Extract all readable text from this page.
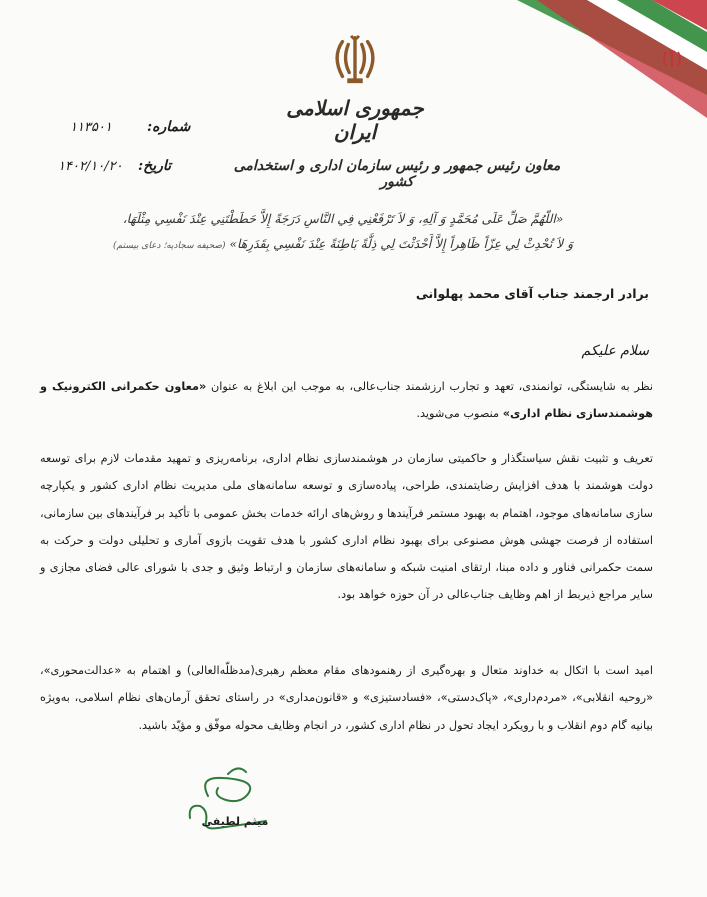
جمهوری اسلامی ایران
معاون رئیس جمهور و رئیس سازمان اداری و استخدامی کشور
شماره:
۱۱۳۵۰۱
تاریخ:
۱۴۰۲/۱۰/۲۰
«اللّهُمَّ صَلِّ عَلَى مُحَمَّدٍ وَ آلِهِ، وَ لاَ تَرْفَعْنِي فِي النَّاسِ دَرَجَةً إِلاَّ حَطَطْتَنِي عِنْدَ نَفْسِي مِثْلَهَا،
وَ لاَ تُحْدِثْ لِي عِزّاً ظَاهِراً إِلاَّ أَحْدَثْتَ لِي ذِلَّةً بَاطِنَةً عِنْدَ نَفْسِي بِقَدَرِهَا» (صحیفه سجادیه؛ دعای بیستم)
برادر ارجمند جناب آقای محمد پهلوانی
سلام علیکم
نظر به شایستگی، توانمندی، تعهد و تجارب ارزشمند جناب‌عالی، به موجب این ابلاغ به عنوان «معاون حکمرانی الکترونیک و هوشمندسازی نظام اداری» منصوب می‌شوید.
تعریف و تثبیت نقش سیاستگذار و حاکمیتی سازمان در هوشمندسازی نظام اداری، برنامه‌ریزی و تمهید مقدمات لازم برای توسعه دولت هوشمند با هدف افزایش رضایتمندی، طراحی، پیاده‌سازی و توسعه سامانه‌های ملی مدیریت نظام اداری کشور و یکپارچه سازی سامانه‌های موجود، اهتمام به بهبود مستمر فرآیندها و روش‌های ارائه خدمات بخش عمومی با تأکید بر فرآیندهای بین سازمانی، استفاده از فرصت جهشی هوش مصنوعی برای بهبود نظام اداری کشور با هدف تقویت بازوی آماری و تحلیلی دولت و حرکت به سمت حکمرانی فناور و داده مبنا، ارتقای امنیت شبکه و سامانه‌های سازمان و ارتباط وثیق و جدی با شورای عالی فضای مجازی و سایر مراجع ذیربط از اهم وظایف جناب‌عالی در آن حوزه خواهد بود.
امید است با اتکال به خداوند متعال و بهره‌گیری از رهنمودهای مقام معظم رهبری(مدظلّه‌العالی) و اهتمام به «عدالت‌محوری»، «روحیه انقلابی»، «مردم‌داری»، «پاک‌دستی»، «فسادستیزی» و «قانون‌مداری» در راستای تحقق آرمان‌های نظام اسلامی، به‌ویژه بیانیه گام دوم انقلاب و با رویکرد ایجاد تحول در نظام اداری کشور، در انجام وظایف محوله موفّق و مؤیّد باشید.
میثم لطیفی
